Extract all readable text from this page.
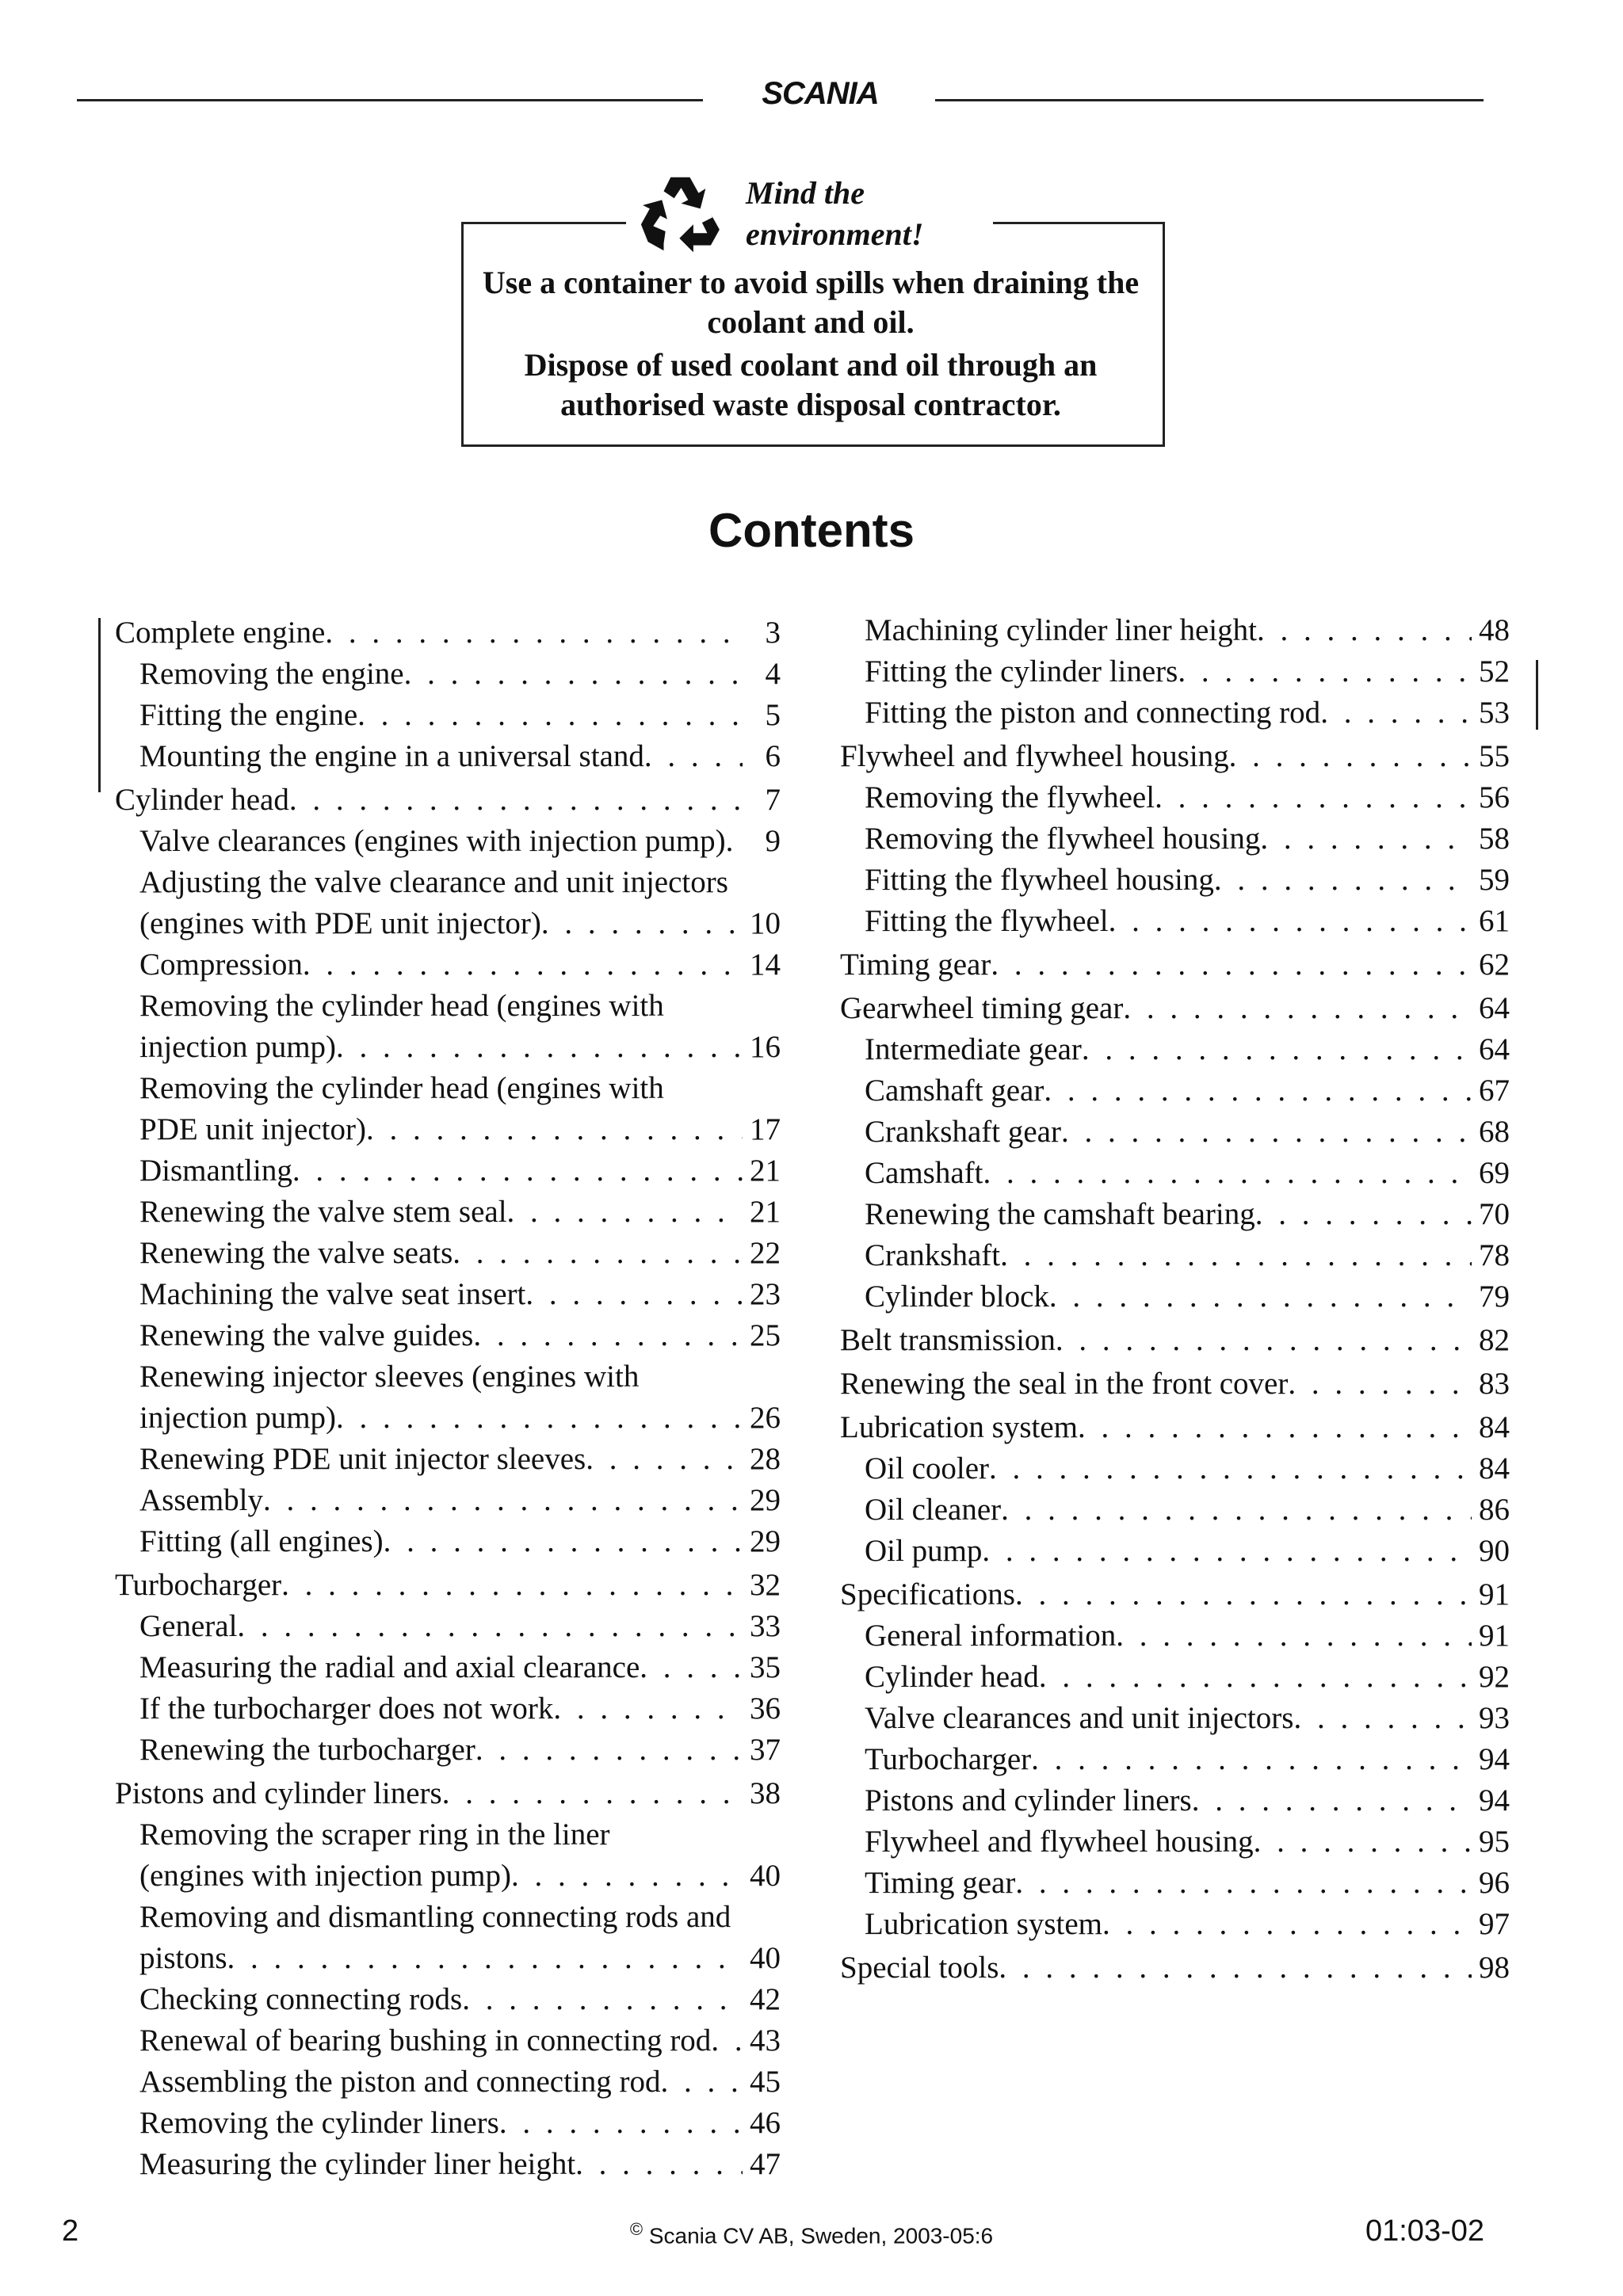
SCANIA
Mind the
environment!

Use a container to avoid spills when draining the
coolant and oil.

Dispose of used coolant and oil through an
authorised waste disposal contractor.

Contents
Complete engine . . .	3
Removing the engine . . .	4
Fitting the engine . . .	5
Mounting the engine in a universal stand . . .	6
Cylinder head . . .	7
Valve clearances (engines with injection pump) . . .	9
Adjusting the valve clearance and unit injectors
(engines with PDE unit injector) . . .	10
Compression . . .	14
Removing the cylinder head (engines with
injection pump) . . .	16
Removing the cylinder head (engines with
PDE unit injector) . . .	17
Dismantling . . .	21
Renewing the valve stem seal . . .	21
Renewing the valve seats . . .	22
Machining the valve seat insert . . .	23
Renewing the valve guides . . .	25
Renewing injector sleeves (engines with
injection pump) . . .	26
Renewing PDE unit injector sleeves . . .	28
Assembly . . .	29
Fitting (all engines) . . .	29
Turbocharger . . .	32
General . . .	33
Measuring the radial and axial clearance . . .	35
If the turbocharger does not work . . .	36
Renewing the turbocharger . . .	37
Pistons and cylinder liners . . .	38
Removing the scraper ring in the liner
(engines with injection pump) . . .	40
Removing and dismantling connecting rods and
pistons . . .	40
Checking connecting rods . . .	42
Renewal of bearing bushing in connecting rod . . . 43
Assembling the piston and connecting rod . . .	45
Removing the cylinder liners . . .	46
Measuring the cylinder liner height . . .	47
Machining cylinder liner height . . .	48
Fitting the cylinder liners . . .	52
Fitting the piston and connecting rod . . .	53
Flywheel and flywheel housing . . .	55
Removing the flywheel . . .	56
Removing the flywheel housing . . .	58
Fitting the flywheel housing . . .	59
Fitting the flywheel . . .	61
Timing gear . . .	62
Gearwheel timing gear . . .	64
Intermediate gear . . .	64
Camshaft gear . . .	67
Crankshaft gear . . .	68
Camshaft . . .	69
Renewing the camshaft bearing . . .	70
Crankshaft . . .	78
Cylinder block . . .	79
Belt transmission . . .	82
Renewing the seal in the front cover . . .	83
Lubrication system . . .	84
Oil cooler . . .	84
Oil cleaner . . .	86
Oil pump . . .	90
Specifications . . .	91
General information . . .	91
Cylinder head . . .	92
Valve clearances and unit injectors . . .	93
Turbocharger . . .	94
Pistons and cylinder liners . . .	94
Flywheel and flywheel housing . . .	95
Timing gear . . .	96
Lubrication system . . .	97
Special tools . . .	98
2	© Scania CV AB, Sweden, 2003-05:6	01:03-02
